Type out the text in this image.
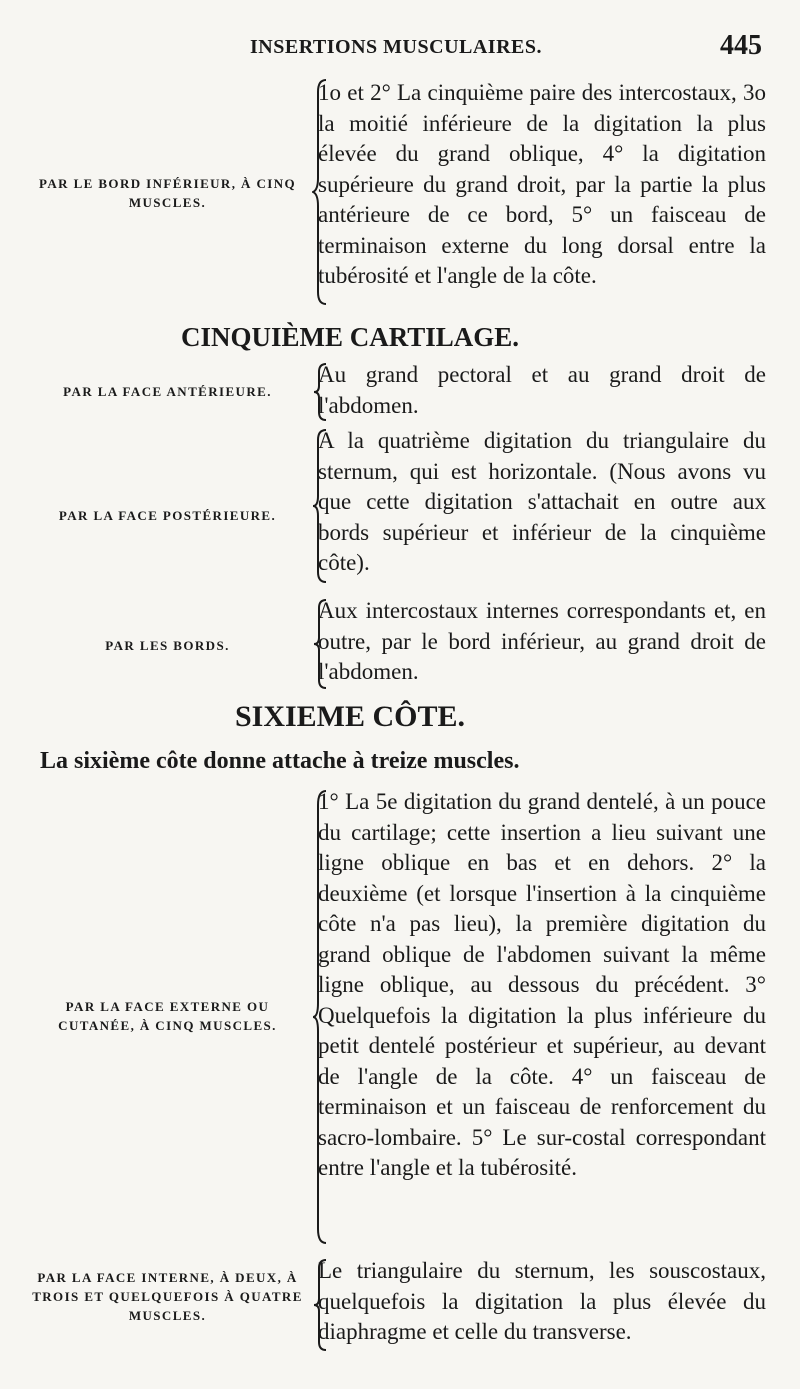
INSERTIONS MUSCULAIRES.	445
PAR LE BORD INFÉRIEUR, À CINQ MUSCLES.
1o et 2° La cinquième paire des intercostaux, 3o la moitié inférieure de la digitation la plus élevée du grand oblique, 4° la digitation supérieure du grand droit, par la partie la plus antérieure de ce bord, 5° un faisceau de terminaison externe du long dorsal entre la tubérosité et l'angle de la côte.
CINQUIÈME CARTILAGE.
PAR LA FACE ANTÉRIEURE.
Au grand pectoral et au grand droit de l'abdomen.
PAR LA FACE POSTÉRIEURE.
A la quatrième digitation du triangulaire du sternum, qui est horizontale. (Nous avons vu que cette digitation s'attachait en outre aux bords supérieur et inférieur de la cinquième côte).
PAR LES BORDS.
Aux intercostaux internes correspondants et, en outre, par le bord inférieur, au grand droit de l'abdomen.
SIXIEME CÔTE.
La sixième côte donne attache à treize muscles.
PAR LA FACE EXTERNE OU CUTANÉE, À CINQ MUSCLES.
1° La 5e digitation du grand dentelé, à un pouce du cartilage; cette insertion a lieu suivant une ligne oblique en bas et en dehors. 2° la deuxième (et lorsque l'insertion à la cinquième côte n'a pas lieu), la première digitation du grand oblique de l'abdomen suivant la même ligne oblique, au dessous du précédent. 3° Quelquefois la digitation la plus inférieure du petit dentelé postérieur et supérieur, au devant de l'angle de la côte. 4° un faisceau de terminaison et un faisceau de renforcement du sacro-lombaire. 5° Le sur-costal correspondant entre l'angle et la tubérosité.
PAR LA FACE INTERNE, À DEUX, À TROIS ET QUELQUEFOIS À QUATRE MUSCLES.
Le triangulaire du sternum, les souscostaux, quelquefois la digitation la plus élevée du diaphragme et celle du transverse.
